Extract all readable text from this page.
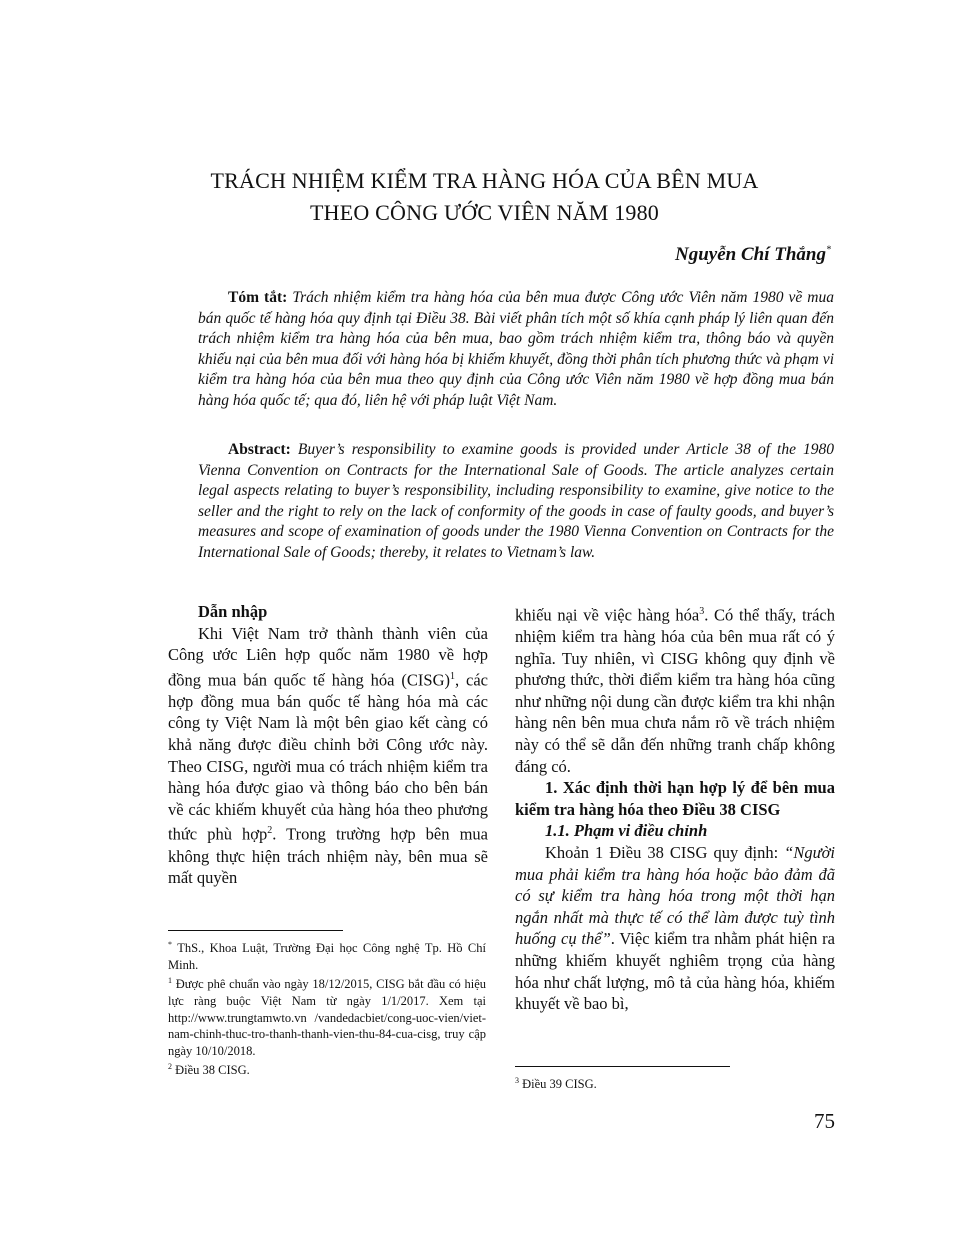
TRÁCH NHIỆM KIỂM TRA HÀNG HÓA CỦA BÊN MUA
THEO CÔNG ƯỚC VIÊN NĂM 1980
Nguyễn Chí Thắng*

Tóm tắt: Trách nhiệm kiểm tra hàng hóa của bên mua được Công ước Viên năm 1980 về mua bán quốc tế hàng hóa quy định tại Điều 38. Bài viết phân tích một số khía cạnh pháp lý liên quan đến trách nhiệm kiểm tra hàng hóa của bên mua, bao gồm trách nhiệm kiểm tra, thông báo và quyền khiếu nại của bên mua đối với hàng hóa bị khiếm khuyết, đồng thời phân tích phương thức và phạm vi kiểm tra hàng hóa của bên mua theo quy định của Công ước Viên năm 1980 về hợp đồng mua bán hàng hóa quốc tế; qua đó, liên hệ với pháp luật Việt Nam.

Abstract: Buyer’s responsibility to examine goods is provided under Article 38 of the 1980 Vienna Convention on Contracts for the International Sale of Goods. The article analyzes certain legal aspects relating to buyer’s responsibility, including responsibility to examine, give notice to the seller and the right to rely on the lack of conformity of the goods in case of faulty goods, and buyer’s measures and scope of examination of goods under the 1980 Vienna Convention on Contracts for the International Sale of Goods; thereby, it relates to Vietnam’s law.

Dẫn nhập

Khi Việt Nam trở thành thành viên của Công ước Liên hợp quốc năm 1980 về hợp đồng mua bán quốc tế hàng hóa (CISG)$^1$, các hợp đồng mua bán quốc tế hàng hóa mà các công ty Việt Nam là một bên giao kết càng có khả năng được điều chỉnh bởi Công ước này. Theo CISG, người mua có trách nhiệm kiểm tra hàng hóa được giao và thông báo cho bên bán về các khiếm khuyết của hàng hóa theo phương thức phù hợp$^2$. Trong trường hợp bên mua không thực hiện trách nhiệm này, bên mua sẽ mất quyền

khiếu nại về việc hàng hóa$^3$. Có thể thấy, trách nhiệm kiểm tra hàng hóa của bên mua rất có ý nghĩa. Tuy nhiên, vì CISG không quy định về phương thức, thời điểm kiểm tra hàng hóa cũng như những nội dung cần được kiểm tra khi nhận hàng nên bên mua chưa nắm rõ về trách nhiệm này có thể sẽ dẫn đến những tranh chấp không đáng có.

1. Xác định thời hạn hợp lý để bên mua kiểm tra hàng hóa theo Điều 38 CISG

1.1. Phạm vi điều chỉnh

Khoản 1 Điều 38 CISG quy định: “Người mua phải kiểm tra hàng hóa hoặc bảo đảm đã có sự kiểm tra hàng hóa trong một thời hạn ngắn nhất mà thực tế có thể làm được tuỳ tình huống cụ thể”. Việc kiểm tra nhằm phát hiện ra những khiếm khuyết nghiêm trọng của hàng hóa như chất lượng, mô tả của hàng hóa, khiếm khuyết về bao bì,

* ThS., Khoa Luật, Trường Đại học Công nghệ Tp. Hồ Chí Minh.

$^1$ Được phê chuẩn vào ngày 18/12/2015, CISG bắt đầu có hiệu lực ràng buộc Việt Nam từ ngày 1/1/2017. Xem tại http://www.trungtamwto.vn /vandedacbiet/cong-uoc-vien/viet-nam-chinh-thuc-tro-thanh-thanh-vien-thu-84-cua-cisg, truy cập ngày 10/10/2018.

$^2$ Điều 38 CISG.

$^3$ Điều 39 CISG.

75
